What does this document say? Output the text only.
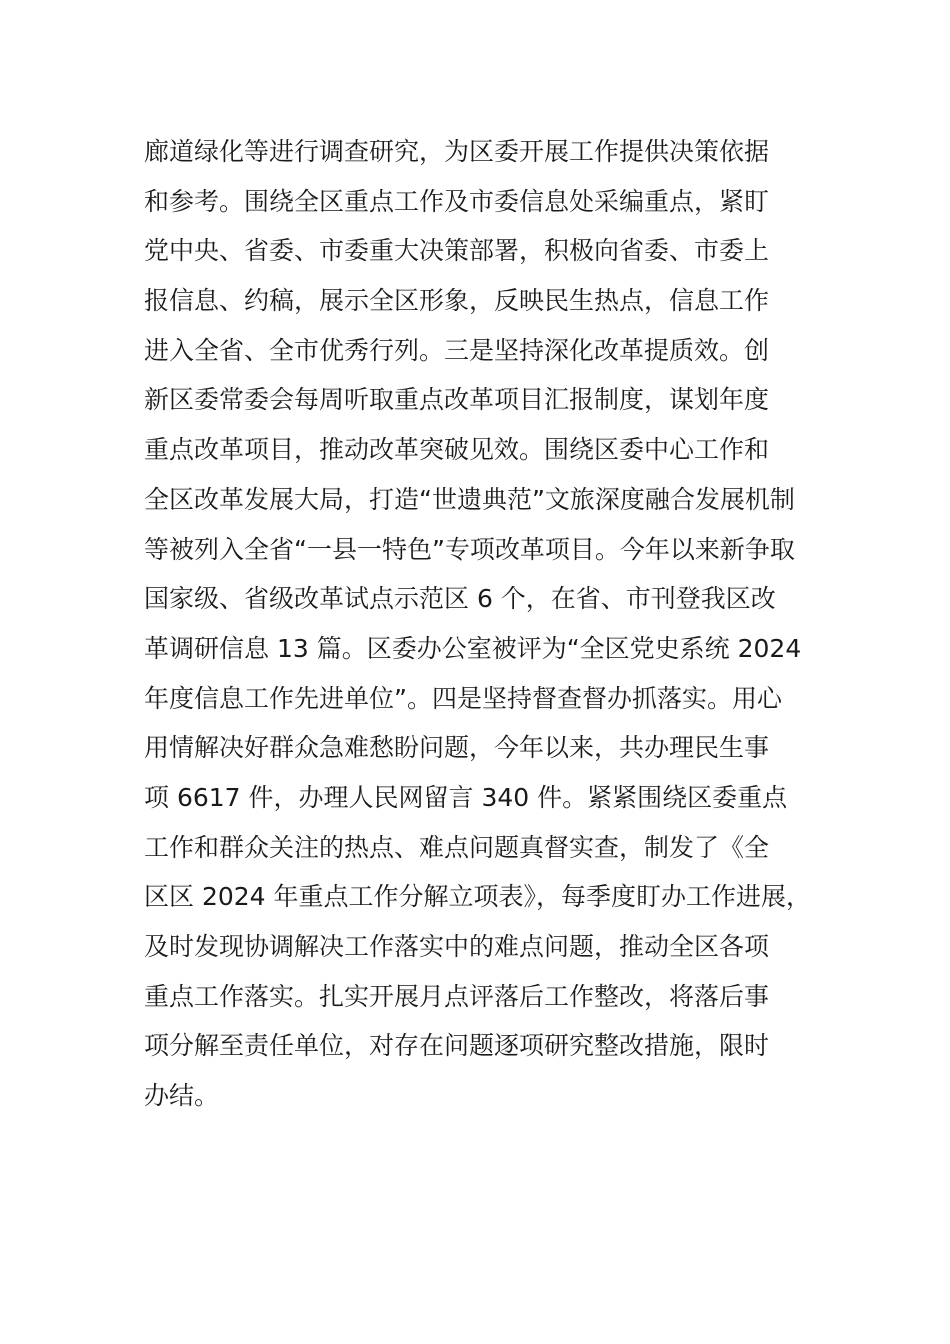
廊道绿化等进行调查研究，为区委开展工作提供决策依据
和参考。围绕全区重点工作及市委信息处采编重点，紧盯
党中央、省委、市委重大决策部署，积极向省委、市委上
报信息、约稿，展示全区形象，反映民生热点，信息工作
进入全省、全市优秀行列。三是坚持深化改革提质效。创
新区委常委会每周听取重点改革项目汇报制度，谋划年度
重点改革项目，推动改革突破见效。围绕区委中心工作和
全区改革发展大局，打造“世遗典范”文旅深度融合发展机制
等被列入全省“一县一特色”专项改革项目。今年以来新争取
国家级、省级改革试点示范区 6 个，在省、市刊登我区改
革调研信息 13 篇。区委办公室被评为“全区党史系统 2024
年度信息工作先进单位”。四是坚持督查督办抓落实。用心
用情解决好群众急难愁盼问题，今年以来，共办理民生事
项 6617 件，办理人民网留言 340 件。紧紧围绕区委重点
工作和群众关注的热点、难点问题真督实查，制发了《全
区区 2024 年重点工作分解立项表》，每季度盯办工作进展，
及时发现协调解决工作落实中的难点问题，推动全区各项
重点工作落实。扎实开展月点评落后工作整改，将落后事
项分解至责任单位，对存在问题逐项研究整改措施，限时
办结。
